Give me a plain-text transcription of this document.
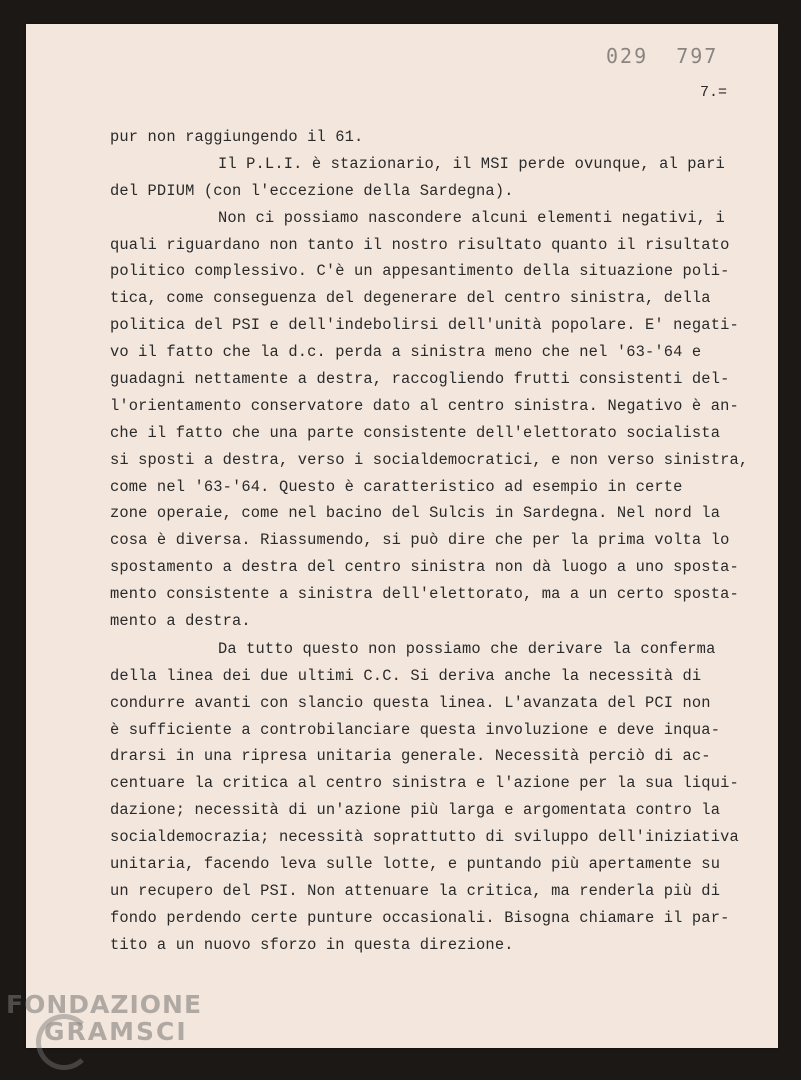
029  797
7.=
pur non raggiungendo il 61.
Il P.L.I. è stazionario, il MSI perde ovunque, al pari
del PDIUM (con l'eccezione della Sardegna).
Non ci possiamo nascondere alcuni elementi negativi, i
quali riguardano non tanto il nostro risultato quanto il risultato
politico complessivo. C'è un appesantimento della situazione poli-
tica, come conseguenza del degenerare del centro sinistra, della
politica del PSI e dell'indebolirsi dell'unità popolare. E' negati-
vo il fatto che la d.c. perda a sinistra meno che nel '63-'64 e
guadagni nettamente a destra, raccogliendo frutti consistenti del-
l'orientamento conservatore dato al centro sinistra. Negativo è an-
che il fatto che una parte consistente dell'elettorato socialista
si sposti a destra, verso i socialdemocratici, e non verso sinistra,
come nel '63-'64. Questo è caratteristico ad esempio in certe
zone operaie, come nel bacino del Sulcis in Sardegna. Nel nord la
cosa è diversa. Riassumendo, si può dire che per la prima volta lo
spostamento a destra del centro sinistra non dà luogo a uno sposta-
mento consistente a sinistra dell'elettorato, ma a un certo sposta-
mento a destra.
Da tutto questo non possiamo che derivare la conferma
della linea dei due ultimi C.C. Si deriva anche la necessità di
condurre avanti con slancio questa linea. L'avanzata del PCI non
è sufficiente a controbilanciare questa involuzione e deve inqua-
drarsi in una ripresa unitaria generale. Necessità perciò di ac-
centuare la critica al centro sinistra e l'azione per la sua liqui-
dazione; necessità di un'azione più larga e argomentata contro la
socialdemocrazia; necessità soprattutto di sviluppo dell'iniziativa
unitaria, facendo leva sulle lotte, e puntando più apertamente su
un recupero del PSI. Non attenuare la critica, ma renderla più di
fondo perdendo certe punture occasionali. Bisogna chiamare il par-
tito a un nuovo sforzo in questa direzione.
FONDAZIONE
GRAMSCI
